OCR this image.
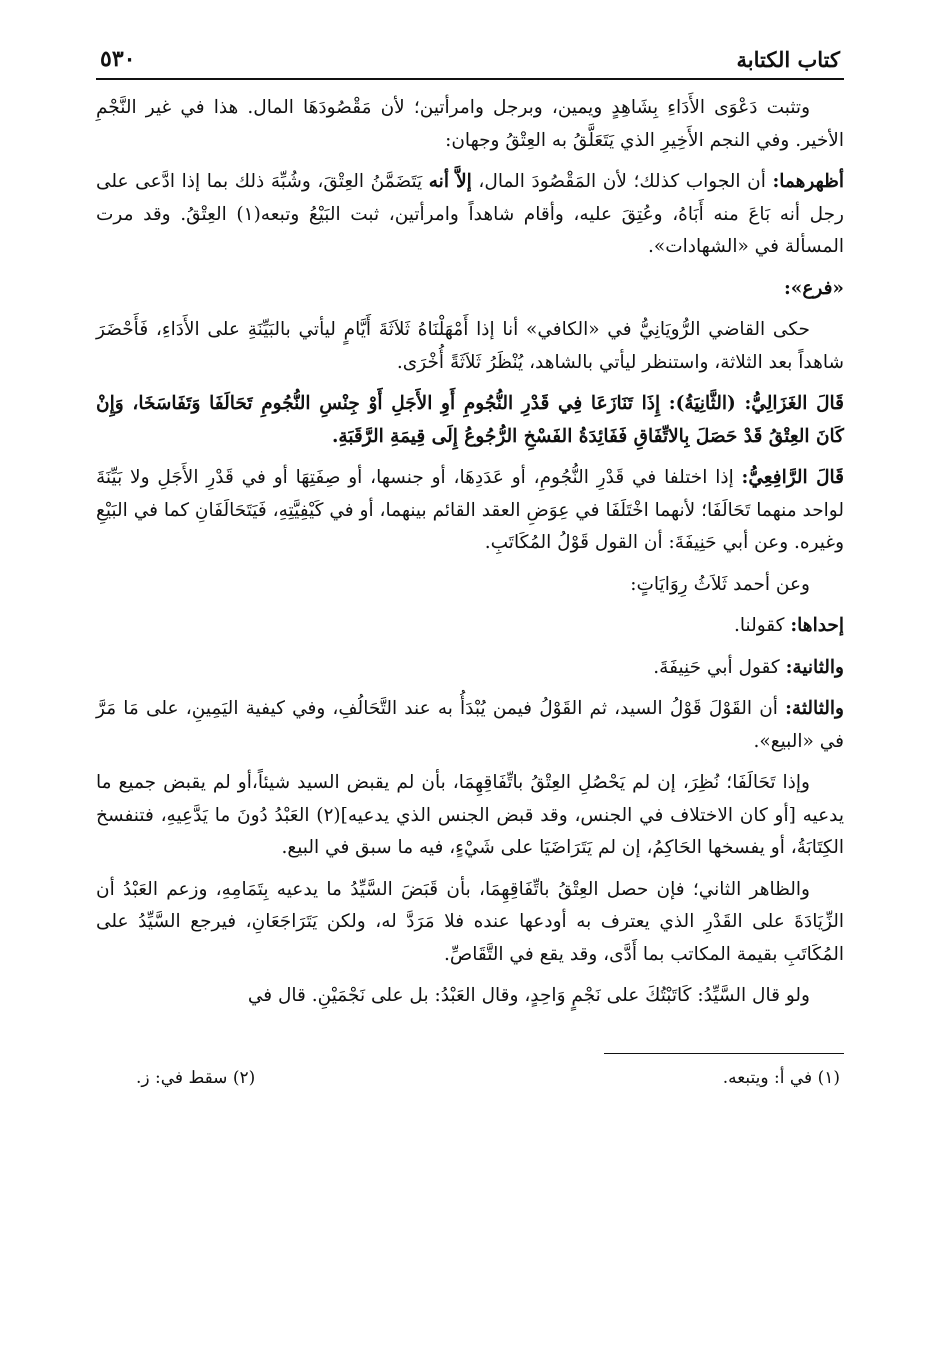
كتاب الكتابة
٥٣٠

وتثبت دَعْوَى الأَدَاءِ بِشَاهِدٍ ويمين، وبرجل وامرأتين؛ لأن مَقْصُودَهَا المال. هذا في غير النَّجْمِ الأخير. وفي النجم الأَخِيرِ الذي يَتَعَلَّقُ به العِتْقُ وجهان:

أظهرهما: أن الجواب كذلك؛ لأن المَقْصُودَ المال، إلاَّ أنه يَتَضَمَّنُ العِتْقَ، وشُبِّهَ ذلك بما إذا ادَّعى على رجل أنه بَاعَ منه أَبَاهُ، وعُتِقَ عليه، وأقام شاهداً وامرأتين، ثبت البَيْعُ وتبعه(١) العِتْقُ. وقد مرت المسألة في «الشهادات».

«فرع»:

حكى القاضي الرُّويَانِيُّ في «الكافي» أنا إذا أَمْهَلْنَاهُ ثَلاَثَةَ أَيَّامٍ ليأتي بالبَيِّنَةِ على الأَدَاءِ، فَأَحْضَرَ شاهداً بعد الثلاثة، واستنظر ليأتي بالشاهد، يُنْظَرُ ثَلاَثَةً أُخْرَى.

قَالَ الغَزَالِيُّ: (الثَّانِيَةُ): إِذَا تَنَازَعَا فِي قَدْرِ النُّجُومِ أَوِ الأَجَلِ أَوْ جِنْسِ النُّجُومِ تَحَالَفَا وَتَفَاسَخَا، وَإِنْ كَانَ العِتْقُ قَدْ حَصَلَ بِالاتِّفَاقِ فَفَائِدَةُ الفَسْخِ الرُّجُوعُ إِلَى قِيمَةِ الرَّقَبَةِ.

قَالَ الرَّافِعِيُّ: إذا اختلفا في قَدْرِ النُّجُومِ، أو عَدَدِهَا، أو جنسها، أو صِفَتِهَا أو في قَدْرِ الأَجَلِ ولا بَيِّنَةَ لواحد منهما تَحَالَفَا؛ لأنهما اخْتَلَفَا في عِوَضِ العقد القائم بينهما، أو في كَيْفِيَّتِهِ، فَيَتَحَالَفَانِ كما في البَيْعِ وغيره. وعن أبي حَنِيفَةَ: أن القول قَوْلُ المُكَاتَبِ.

وعن أحمد ثَلاَثُ رِوَايَاتٍ:

إحداها: كقولنا.

والثانية: كقول أبي حَنِيفَةَ.

والثالثة: أن القَوْلَ قَوْلُ السيد، ثم القَوْلُ فيمن يُبْدَأُ به عند التَّحَالُفِ، وفي كيفية اليَمِينِ، على مَا مَرَّ في «البيع».

وإذا تَحَالَفَا؛ نُظِرَ، إن لم يَحْصُلِ العِتْقُ باتِّفَاقِهِمَا، بأن لم يقبض السيد شيئاً،أو لم يقبض جميع ما يدعيه [أو كان الاختلاف في الجنس، وقد قبض الجنس الذي يدعيه](٢) العَبْدُ دُونَ ما يَدَّعِيهِ، فتنفسخ الكِتَابَةُ، أو يفسخها الحَاكِمُ، إن لم يَتَرَاضَيَا على شَيْءٍ، فيه ما سبق في البيع.

والظاهر الثاني؛ فإن حصل العِتْقُ باتِّفَاقِهِمَا، بأن قَبَضَ السَّيِّدُ ما يدعيه بِتَمَامِهِ، وزعم العَبْدُ أن الزِّيَادَةَ على القَدْرِ الذي يعترف به أودعها عنده فلا مَرَدَّ له، ولكن يَتَرَاجَعَانِ، فيرجع السَّيِّدُ على المُكَاتَبِ بقيمة المكاتب بما أَدَّى، وقد يقع في التَّقَاصِّ.

ولو قال السَّيِّدُ: كَاتَبْتُكَ على نَجْمٍ وَاحِدٍ، وقال العَبْدُ: بل على نَجْمَيْنِ. قال في

(١) في أ: ويتبعه.
(٢) سقط في: ز.
